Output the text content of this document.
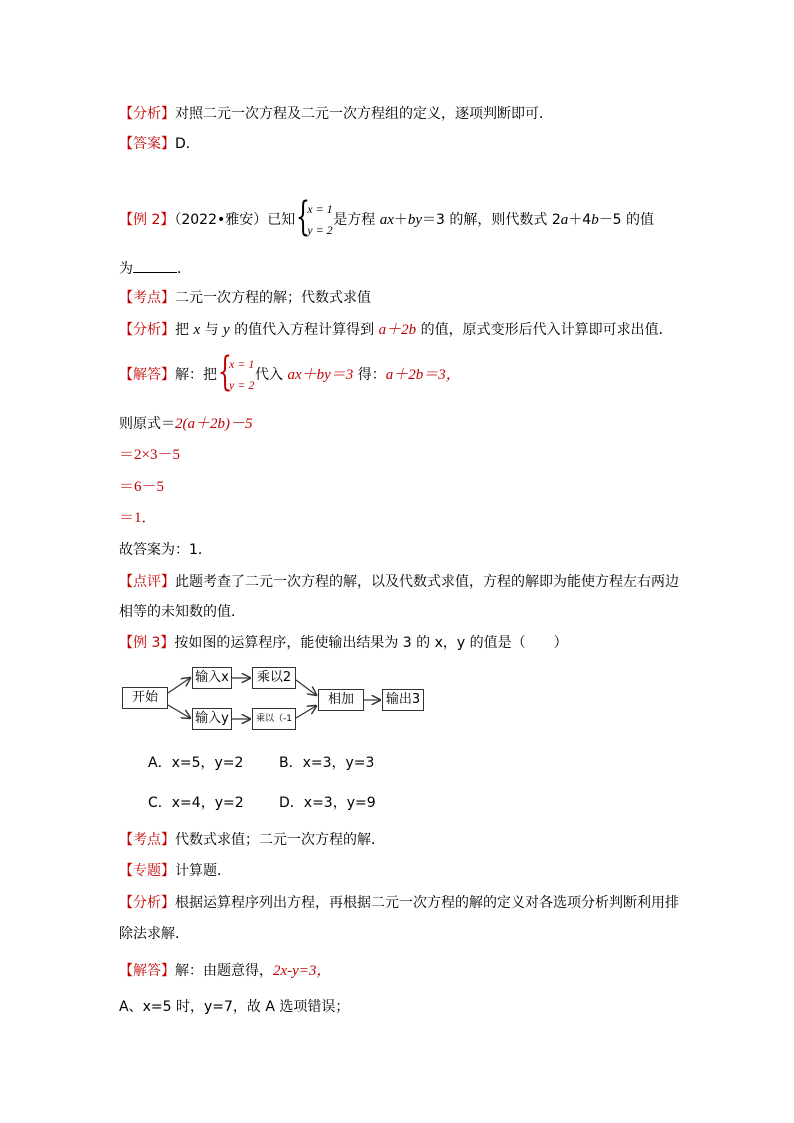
【分析】对照二元一次方程及二元一次方程组的定义，逐项判断即可．
【答案】D．
【例 2】（2022•雅安）已知 {
x = 1
y = 2
是方程 ax＋by＝3 的解，则代数式 2a＋4b－5 的值
为	．
【考点】二元一次方程的解；代数式求值
【分析】把 x 与 y 的值代入方程计算得到 a＋2b 的值，原式变形后代入计算即可求出值．
【解答】解：把 {
x = 1
y = 2
代入 ax＋by＝3 得：a＋2b＝3，
则原式＝2(a＋2b)－5
＝2×3－5
＝6－5
＝1．
故答案为：1．
【点评】此题考查了二元一次方程的解，以及代数式求值，方程的解即为能使方程左右两边
相等的未知数的值．
【例 3】按如图的运算程序，能使输出结果为 3 的 x，y 的值是（　　）
开始
输入x
输入y
乘以2
乘以（-1
相加	输出3
A．x=5，y=2	B．x=3，y=3
C．x=4，y=2	D．x=3，y=9
【考点】代数式求值；二元一次方程的解．
【专题】计算题．
【分析】根据运算程序列出方程，再根据二元一次方程的解的定义对各选项分析判断利用排
除法求解．
【解答】解：由题意得，2x-y=3，
A、x=5 时，y=7，故 A 选项错误；
